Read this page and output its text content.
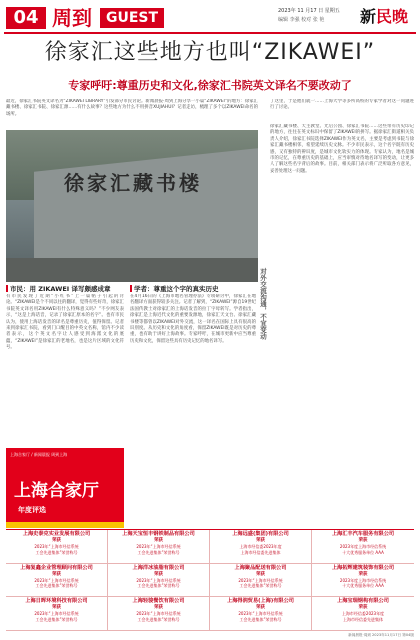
04 周到	GUEST	2023年 11 月17 日 星期五
编辑 李强 校对 张 艳 新民晚
徐家汇这些地方也叫“ZIKAWEI”
专家呼吁:尊重历史和文化,徐家汇书院英文译名不要改动了
最近，徐家汇书院英文译名为“ZIKAWEI LIBRARY”引发部分市民讨论。新闻晨报·周到上海分享一小篇“ZIKAWEI”的地方：徐家汇藏书楼、徐家汇书院、徐家汇源……有什么故事？这些地方为什么不用拼音XUJIAHUI？记者走访，梳理了多个以ZIKAWEI命名的场所。
徐家汇藏书楼
市民：用 ZIKAWEI 译写颇感成章
有市民发现了近期“小红书”上一篇帖子引起的讨论。“ZIKAWEI是个不同以往的翻译，觉得有些好奇，徐家汇书院英文译名用ZIKAWEI有什么特殊意义吗？”不少网友表示，“这是上海话音，记录了徐家汇原本的名字”。也有市民认为，使用上海话发音的译名是尊重历史，值得保留。记者来到徐家汇书院，看到门口醒目的中英文名称，馆内不少读者表示，这个英文名字让人感受到海派文化的底蕴，“ZIKAWEI”是徐家汇的老地名，也是这片区域的文化符号。
学者：尊重这个字的真实历史
在4月16日的《上海市地名管理办法》专项研讨中，徐家汇在地名翻译方面获得较多关注。记者了解到，“ZIKAWEI”源自19世纪法国传教士对徐家汇的上海话发音的拉丁字母转写。学者指出，徐家汇是上海近代文化的重要发源地，徐家汇天文台、徐家汇藏书楼等都曾以ZIKAWEI对外交流，这一译名在国际上具有很高的识别度。从历史和文化的角度看，保留ZIKAWEI既是对历史的尊重，也有助于讲好上海故事。专家呼吁，在城市更新中应当尊重历史和文化，保留这些具有历史记忆的地名译写。
对外交流沟通，不宜变动
了这里，于是他们就一……上海大学等多所高校的专家学者对这一问题进行了讨论。
徐家汇藏书楼、天主教堂、光启公园、徐家汇书院……这些带有历史印记的地方，往往在英文标识中保留了ZIKAWEI的拼写。据徐家汇街道相关负责人介绍，徐家汇书院选择ZIKAWEI作为英文名，主要是考虑到书院与徐家汇藏书楼相邻，希望延续历史文脉。不少市民表示，这个名字既有历史感，又有独特的辨识度，是城市文化软实力的体现。专家认为，地名是城市的记忆，在尊重历史的基础上，应当审慎对待地名译写的变动，让更多人了解这些名字背后的故事。目前，相关部门表示将广泛听取各方意见，妥善处理这一问题。
上海合家厅 / 新闻晨报 周到上海
上海合家厅
年度评选
上海史泰克实业发展有限公司
荣获
2023年“上海市经信系统
工会先进集体”荣誉称号
上海天宝恒丰钢铁制品有限公司
荣获
2023年“上海市经信系统
工会先进集体”荣誉称号
上海远盛(集团)有限公司
荣获
上海市经信委2023年度
上海市经信委先进集体
上海汇丰汽车服务有限公司
荣获
2023年度上海市经信系统
十大优秀服务单位 AAA
上海复鑫企业管理顾问有限公司
荣获
2023年“上海市经信系统
工会先进集体”荣誉称号
上海洋冰油脂有限公司
荣获
2023年“上海市经信系统
工会先进集体”荣誉称号
上海聚品配送有限公司
荣获
2023年“上海市经信系统
工会先进集体”荣誉称号
上海拓辉建筑装饰有限公司
荣获
2023年度上海市经信系统
十大优秀服务单位 AAA
上海日晖环境科技有限公司
荣获
2023年“上海市经信系统
工会先进集体”荣誉称号
上海轻骏餐饮有限公司
荣获
2023年“上海市经信系统
工会先进集体”荣誉称号
上海得润贸易(上海)有限公司
荣获
2023年“上海市经信系统
工会先进集体”荣誉称号
上海宝瑞钢构有限公司
荣获
上海市经信委2023年度
上海市经信委先进集体
新闻晨报·周到 2023年11月17日 第04版
